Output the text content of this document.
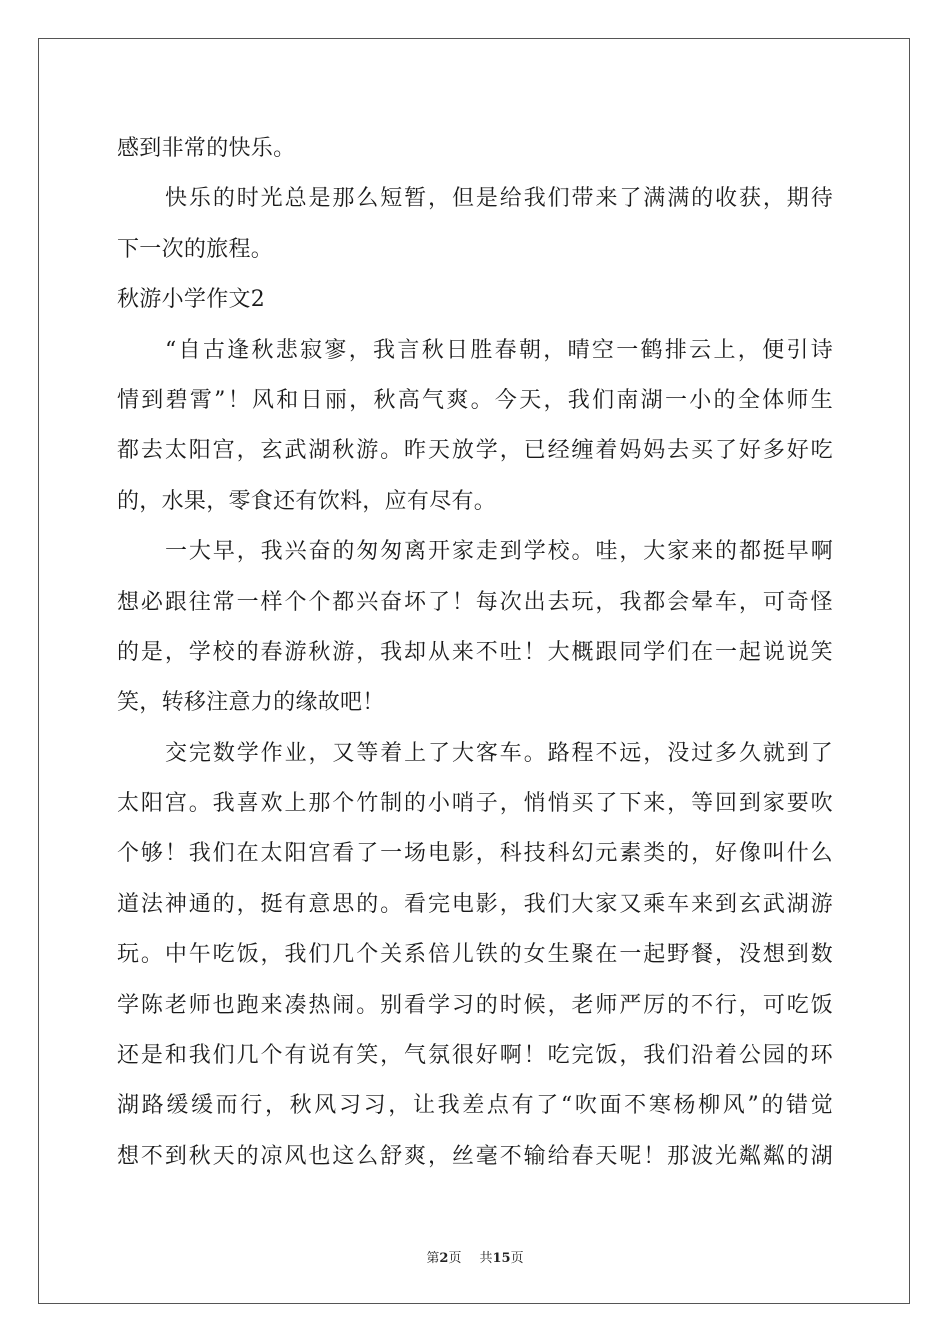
感到非常的快乐。
快乐的时光总是那么短暂，但是给我们带来了满满的收获，期待
下一次的旅程。
秋游小学作文2
“自古逢秋悲寂寥，我言秋日胜春朝，晴空一鹤排云上，便引诗
情到碧霄”！风和日丽，秋高气爽。今天，我们南湖一小的全体师生
都去太阳宫，玄武湖秋游。昨天放学，已经缠着妈妈去买了好多好吃
的，水果，零食还有饮料，应有尽有。
一大早，我兴奋的匆匆离开家走到学校。哇，大家来的都挺早啊
想必跟往常一样个个都兴奋坏了！每次出去玩，我都会晕车，可奇怪
的是，学校的春游秋游，我却从来不吐！大概跟同学们在一起说说笑
笑，转移注意力的缘故吧！
交完数学作业，又等着上了大客车。路程不远，没过多久就到了
太阳宫。我喜欢上那个竹制的小哨子，悄悄买了下来，等回到家要吹
个够！我们在太阳宫看了一场电影，科技科幻元素类的，好像叫什么
道法神通的，挺有意思的。看完电影，我们大家又乘车来到玄武湖游
玩。中午吃饭，我们几个关系倍儿铁的女生聚在一起野餐，没想到数
学陈老师也跑来凑热闹。别看学习的时候，老师严厉的不行，可吃饭
还是和我们几个有说有笑，气氛很好啊！吃完饭，我们沿着公园的环
湖路缓缓而行，秋风习习，让我差点有了“吹面不寒杨柳风”的错觉
想不到秋天的凉风也这么舒爽，丝毫不输给春天呢！那波光粼粼的湖
第2页 共15页
